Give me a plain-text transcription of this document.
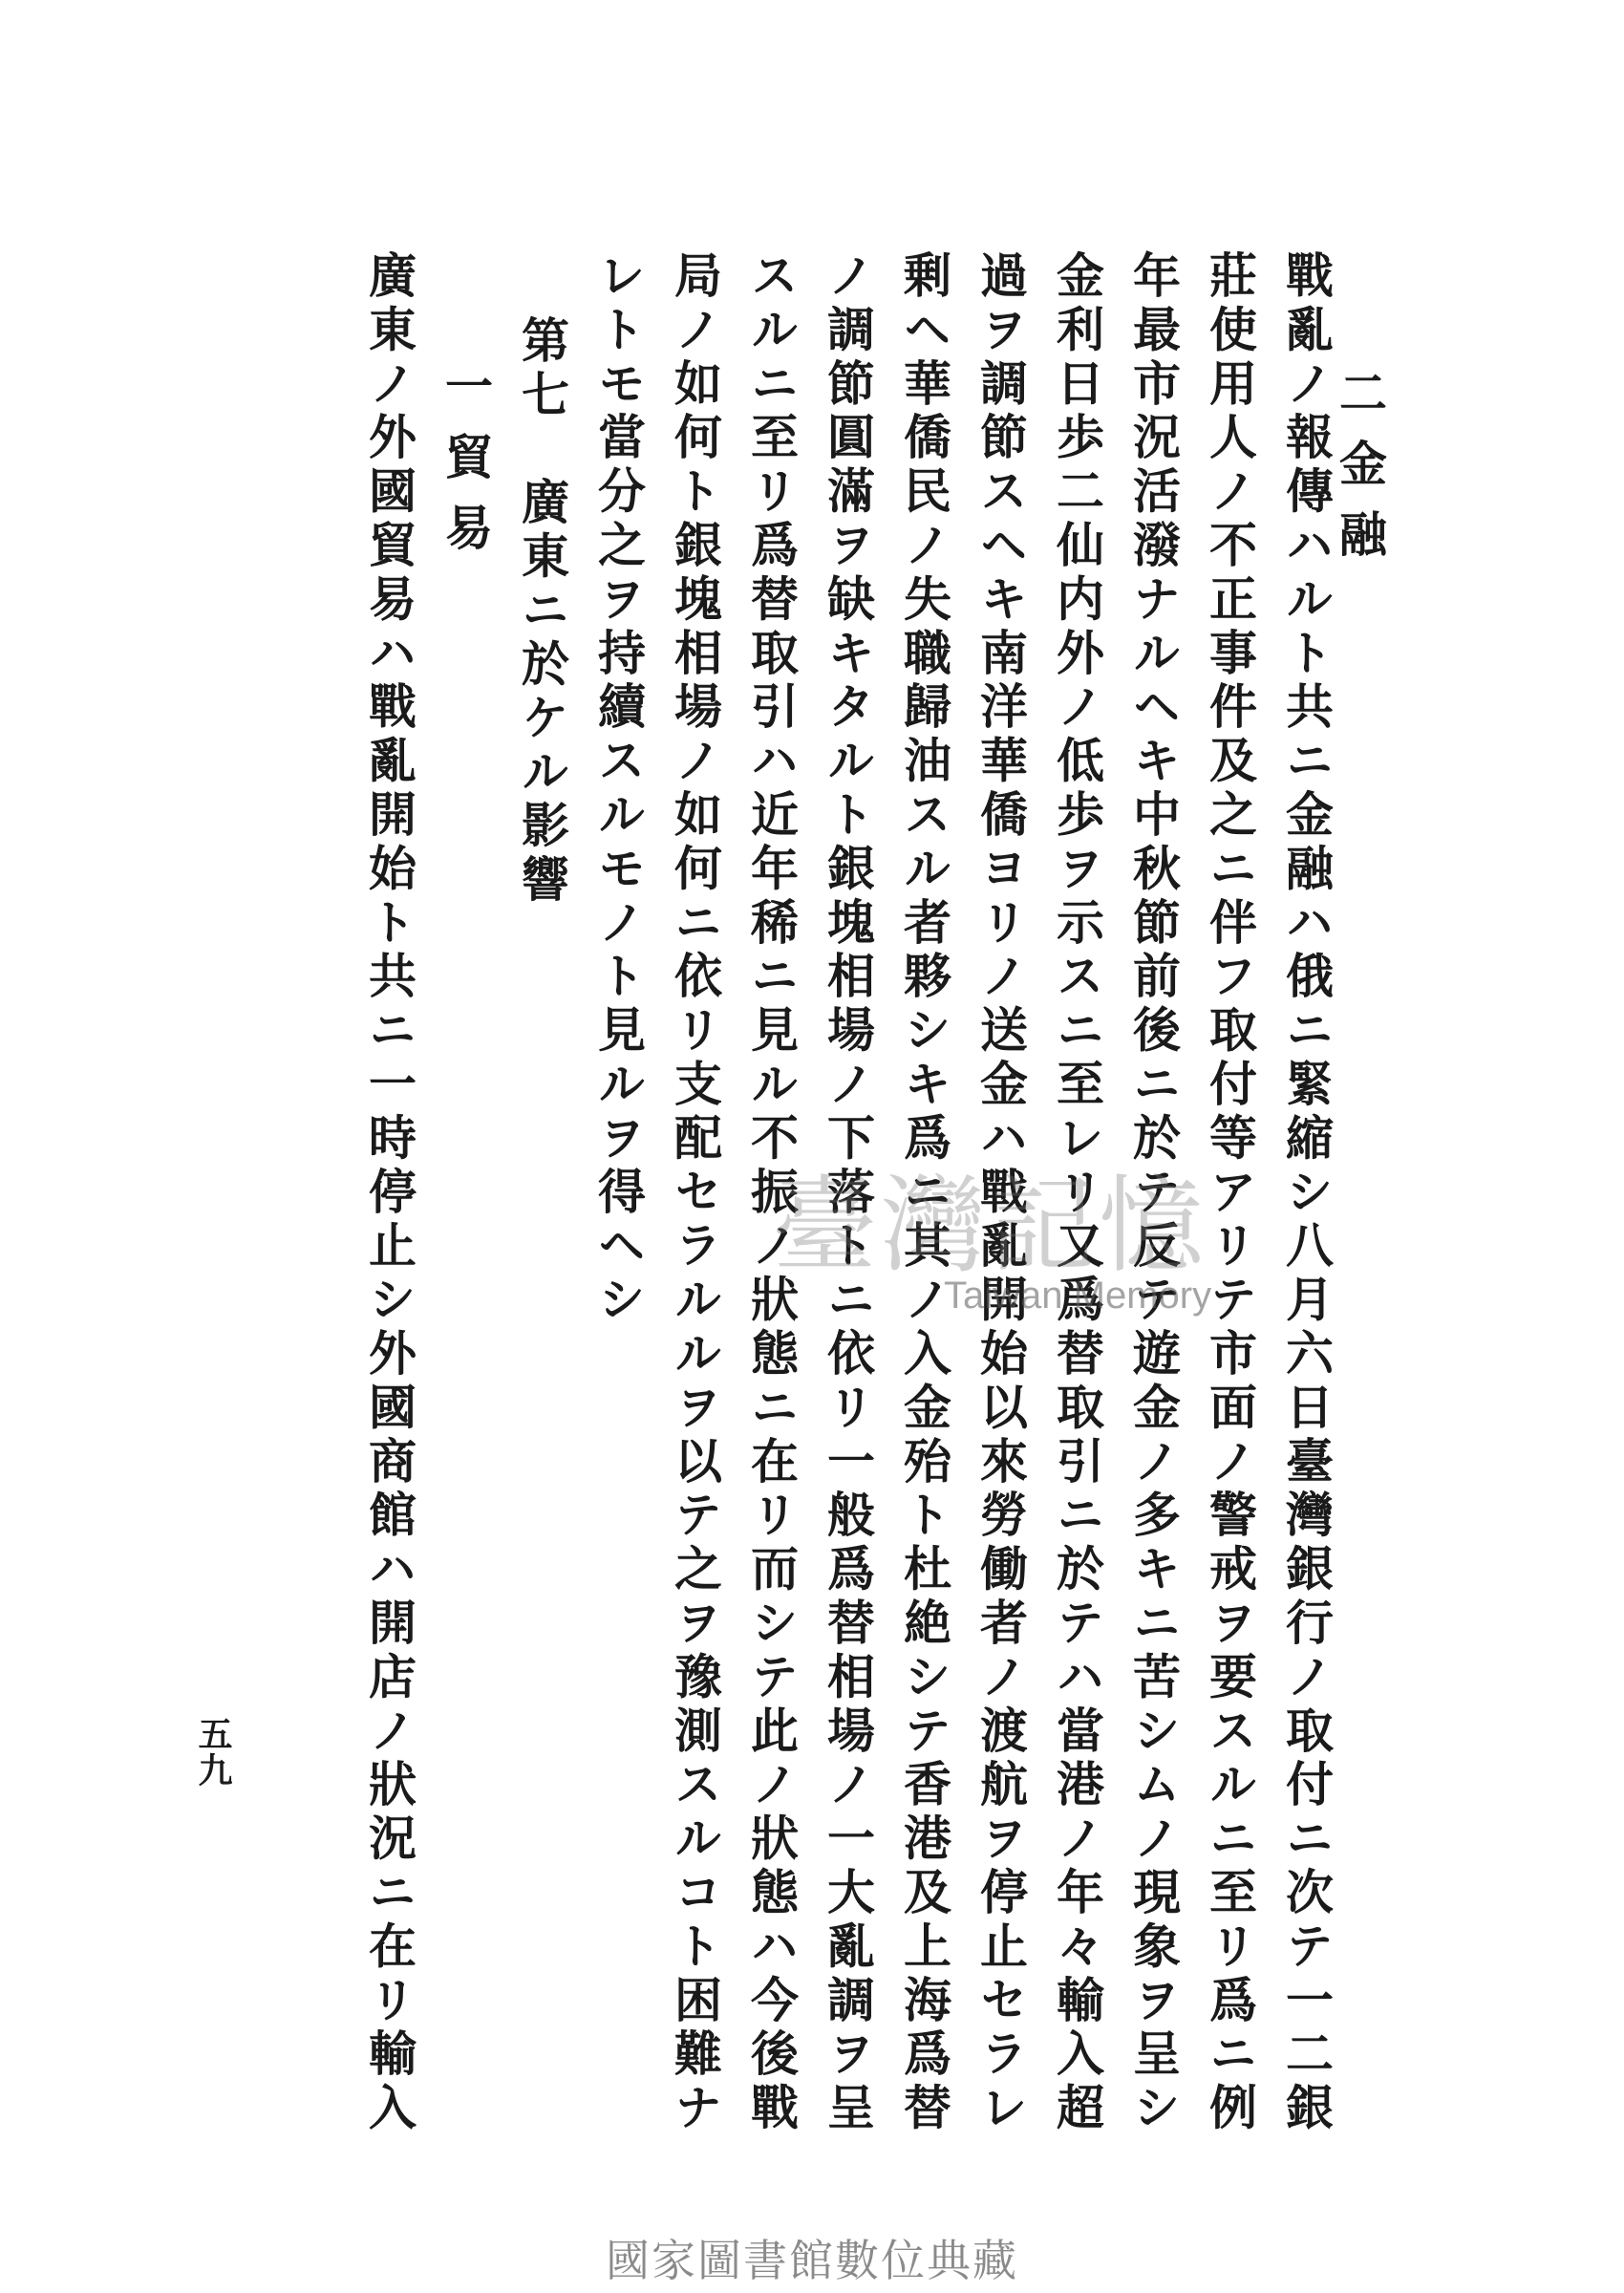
二金融
戰亂ノ報傳ハルト共ニ金融ハ俄ニ緊縮シ八月六日臺灣銀行ノ取付ニ次テ一二銀
莊使用人ノ不正事件及之ニ伴フ取付等アリテ市面ノ警戒ヲ要スルニ至リ爲ニ例
年最市況活潑ナルヘキ中秋節前後ニ於テ反テ遊金ノ多キニ苦シムノ現象ヲ呈シ
金利日歩二仙内外ノ低歩ヲ示スニ至レリ又爲替取引ニ於テハ當港ノ年々輸入超
過ヲ調節スヘキ南洋華僑ヨリノ送金ハ戰亂開始以來勞働者ノ渡航ヲ停止セラレ
剰ヘ華僑民ノ失職歸油スル者夥シキ爲ニ其ノ入金殆ト杜絶シテ香港及上海爲替
ノ調節圓滿ヲ缺キタルト銀塊相場ノ下落トニ依リ一般爲替相場ノ一大亂調ヲ呈
スルニ至リ爲替取引ハ近年稀ニ見ル不振ノ狀態ニ在リ而シテ此ノ狀態ハ今後戰
局ノ如何ト銀塊相場ノ如何ニ依リ支配セラルルヲ以テ之ヲ豫測スルコト困難ナ
レトモ當分之ヲ持續スルモノト見ルヲ得ヘシ
第七　廣東ニ於ケル影響
一貿易
廣東ノ外國貿易ハ戰亂開始ト共ニ一時停止シ外國商館ハ開店ノ狀況ニ在リ輸入
五九
臺灣記憶
Taiwan Memory
國家圖書館數位典藏
